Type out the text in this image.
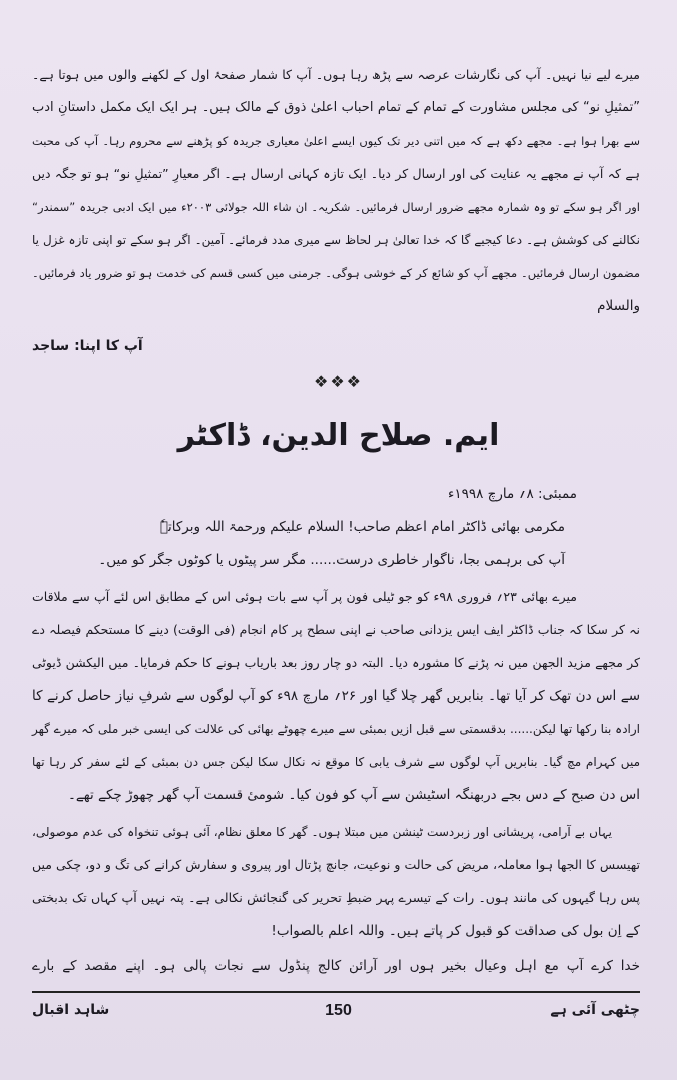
میرے لیے نیا نہیں۔ آپ کی نگارشات عرصہ سے پڑھ رہا ہوں۔ آپ کا شمار صفحۂ اول کے لکھنے والوں میں ہوتا ہے۔
”تمثیلِ نو“ کی مجلس مشاورت کے تمام کے تمام احباب اعلیٰ ذوق کے مالک ہیں۔ ہر ایک ایک مکمل داستانِ ادب
سے بھرا ہوا ہے۔ مجھے دکھ ہے کہ میں اتنی دیر تک کیوں ایسے اعلیٰ معیاری جریدہ کو پڑھنے سے محروم رہا۔ آپ کی محبت
ہے کہ آپ نے مجھے یہ عنایت کی اور ارسال کر دیا۔ ایک تازہ کہانی ارسال ہے۔ اگر معیارِ ”تمثیلِ نو“ ہو تو جگہ دیں
اور اگر ہو سکے تو وہ شمارہ مجھے ضرور ارسال فرمائیں۔ شکریہ۔ ان شاء اللہ جولائی ۲۰۰۳ء میں ایک ادبی جریدہ ”سمندر“
نکالنے کی کوشش ہے۔ دعا کیجیے گا کہ خدا تعالیٰ ہر لحاظ سے میری مدد فرمائے۔ آمین۔ اگر ہو سکے تو اپنی تازہ غزل یا
مضمون ارسال فرمائیں۔ مجھے آپ کو شائع کر کے خوشی ہوگی۔ جرمنی میں کسی قسم کی خدمت ہو تو ضرور یاد فرمائیں۔
والسلام
آپ کا اپنا: ساجد
❖❖❖
ایم. صلاح الدین، ڈاکٹر
ممبئی: ۸؍ مارچ ۱۹۹۸ء
مکرمی بھائی ڈاکٹر امام اعظم صاحب! السلام علیکم ورحمۃ اللہ وبرکاتہٗ
آپ کی برہمی بجا، ناگوار خاطری درست...... مگر سر پیٹوں یا کوٹوں جگر کو میں۔
میرے بھائی ۲۳؍ فروری ۹۸ء کو جو ٹیلی فون پر آپ سے بات ہوئی اس کے مطابق اس لئے آپ سے ملاقات
نہ کر سکا کہ جناب ڈاکٹر ایف ایس یزدانی صاحب نے اپنی سطح پر کام انجام (فی الوقت) دینے کا مستحکم فیصلہ دے
کر مجھے مزید الجھن میں نہ پڑنے کا مشورہ دیا۔ البتہ دو چار روز بعد باریاب ہونے کا حکم فرمایا۔ میں الیکشن ڈیوٹی
سے اس دن تھک کر آیا تھا۔ بنابریں گھر چلا گیا اور ۲۶؍ مارچ ۹۸ء کو آپ لوگوں سے شرفِ نیاز حاصل کرنے کا
ارادہ بنا رکھا تھا لیکن...... بدقسمتی سے قبل ازیں بمبئی سے میرے چھوٹے بھائی کی علالت کی ایسی خبر ملی کہ میرے گھر
میں کہرام مچ گیا۔ بنابریں آپ لوگوں سے شرف یابی کا موقع نہ نکال سکا لیکن جس دن بمبئی کے لئے سفر کر رہا تھا
اس دن صبح کے دس بجے دربھنگہ اسٹیشن سے آپ کو فون کیا۔ شومیٔ قسمت آپ گھر چھوڑ چکے تھے۔
یہاں بے آرامی، پریشانی اور زبردست ٹینشن میں مبتلا ہوں۔ گھر کا معلق نظام، آئی ہوئی تنخواہ کی عدم موصولی،
تھیسس کا الجھا ہوا معاملہ، مریض کی حالت و نوعیت، جانچ پڑتال اور پیروی و سفارش کرانے کی تگ و دو، چکی میں
پس رہا گیہوں کی مانند ہوں۔ رات کے تیسرے پہر ضبطِ تحریر کی گنجائش نکالی ہے۔ پتہ نہیں آپ کہاں تک بدبختی
کے اِن بول کی صداقت کو قبول کر پاتے ہیں۔ واللہ اعلم بالصواب!
خدا کرے آپ مع اہل وعیال بخیر ہوں اور آرائن کالج پنڈول سے نجات پالی ہو۔ اپنے مقصد کے بارے
چٹھی آئی ہے
150
شاہد اقبال
